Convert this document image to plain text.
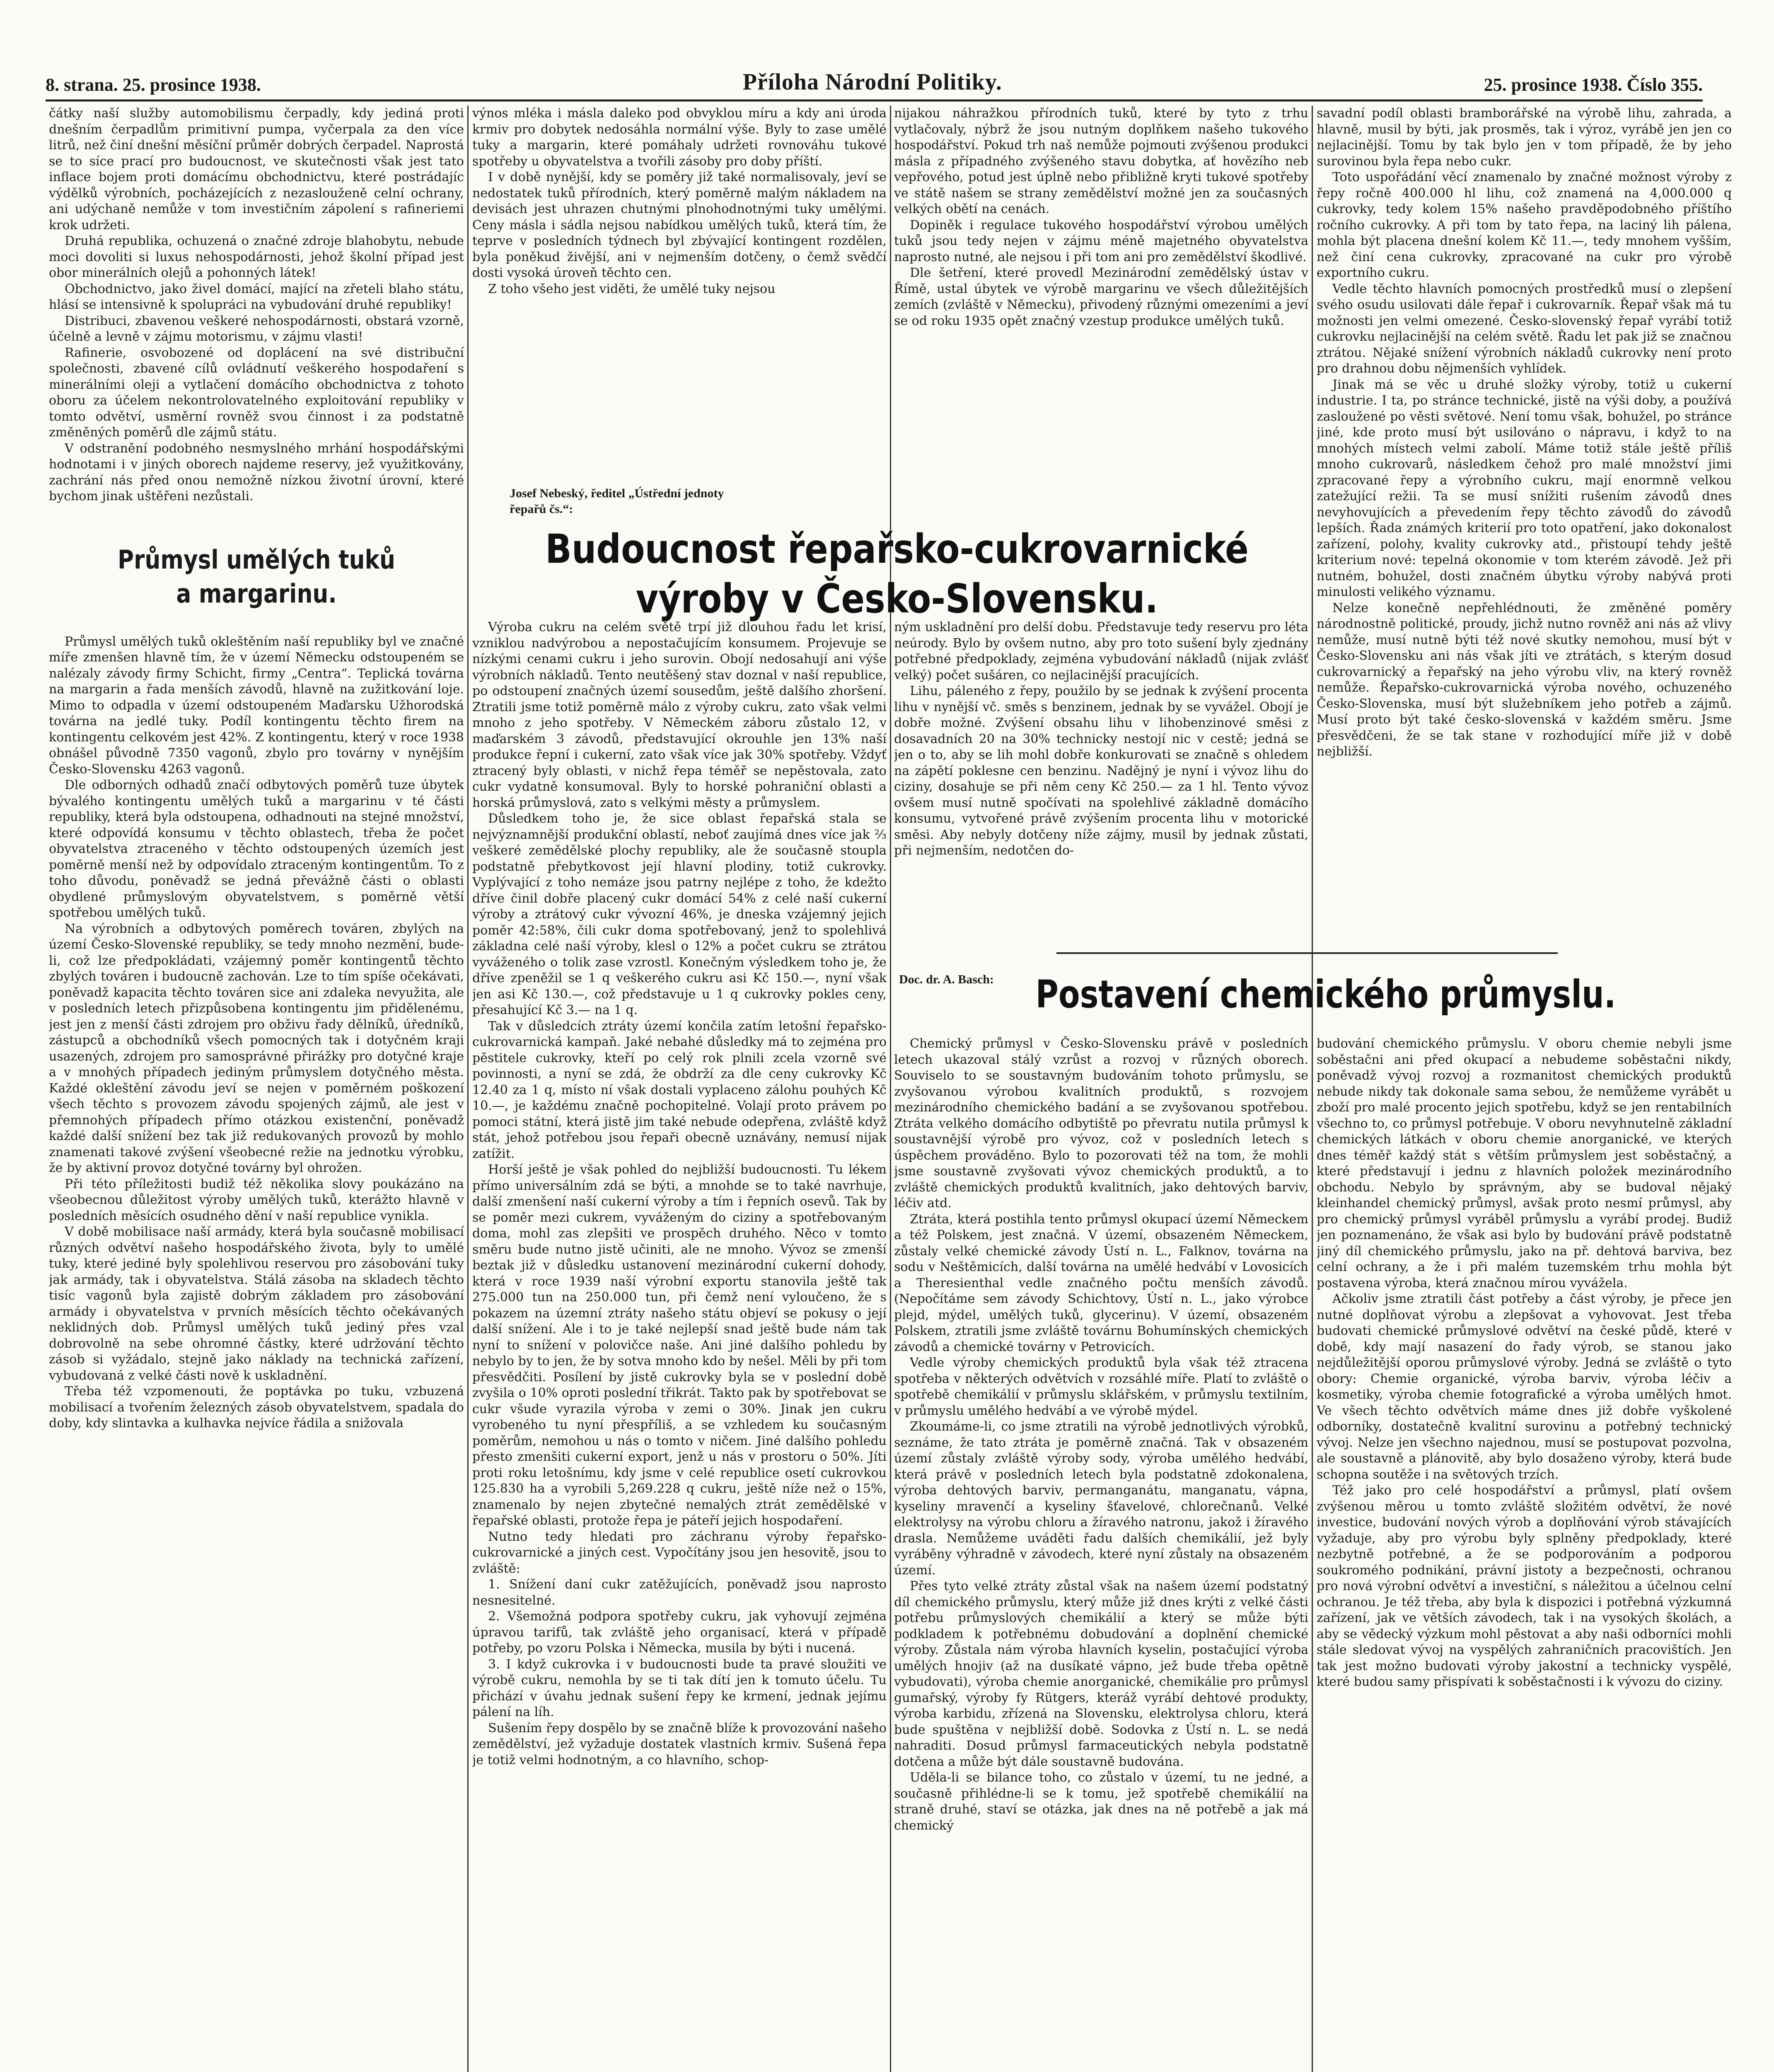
8. strana. 25. prosince 1938.	Příloha Národní Politiky.	25. prosince 1938. Číslo 355.

čátky naší služby automobilismu čerpadly, kdy jediná proti dnešním čerpadlům primitivní pumpa, vyčerpala za den více litrů, než činí dnešní měsíční průměr dobrých čerpadel. Naprostá se to síce prací pro budoucnost, ve skutečnosti však jest tato inflace bojem proti domácímu obchodnictvu, které postrádajíc výdělků výrobních, pocházejících z nezaslouženě celní ochrany, ani udýchaně nemůže v tom investičním zápolení s rafineriemi krok udržeti.

Druhá republika, ochuzená o značné zdroje blahobytu, nebude moci dovoliti si luxus nehospodárnosti, jehož školní případ jest obor minerálních olejů a pohonných látek!

Obchodnictvo, jako živel domácí, mající na zřeteli blaho státu, hlásí se intensivně k spolupráci na vybudování druhé republiky!

Distribuci, zbavenou veškeré nehospodárnosti, obstará vzorně, účelně a levně v zájmu motorismu, v zájmu vlasti!

Rafinerie, osvobozené od doplácení na své distribuční společnosti, zbavené cílů ovládnutí veškerého hospodaření s minerálními oleji a vytlačení domácího obchodnictva z tohoto oboru za účelem nekontrolovatelného exploitování republiky v tomto odvětví, usměrní rovněž svou činnost i za podstatně změněných poměrů dle zájmů státu.

V odstranění podobného nesmyslného mrhání hospodářskými hodnotami i v jiných oborech najdeme reservy, jež využitkovány, zachrání nás před onou nemožně nízkou životní úrovní, které bychom jinak uštěřeni nezůstali.

Průmysl umělých tuků
a margarinu.

Průmysl umělých tuků okleštěním naší republiky byl ve značné míře zmenšen hlavně tím, že v území Německu odstoupeném se nalézaly závody firmy Schicht, firmy „Centra“. Teplická továrna na margarin a řada menších závodů, hlavně na zužitkování loje. Mimo to odpadla v území odstoupeném Maďarsku Užhorodská továrna na jedlé tuky. Podíl kontingentu těchto firem na kontingentu celkovém jest 42%. Z kontingentu, který v roce 1938 obnášel původně 7350 vagonů, zbylo pro továrny v nynějším Česko-Slovensku 4263 vagonů.

Dle odborných odhadů značí odbytových poměrů tuze úbytek bývalého kontingentu umělých tuků a margarinu v té části republiky, která byla odstoupena, odhadnouti na stejné množství, které odpovídá konsumu v těchto oblastech, třeba že počet obyvatelstva ztraceného v těchto odstoupených územích jest poměrně menší než by odpovídalo ztraceným kontingentům. To z toho důvodu, poněvadž se jedná převážně části o oblasti obydlené průmyslovým obyvatelstvem, s poměrně větší spotřebou umělých tuků.

Na výrobních a odbytových poměrech továren, zbylých na území Česko-Slovenské republiky, se tedy mnoho nezmění, bude-li, což lze předpokládati, vzájemný poměr kontingentů těchto zbylých továren i budoucně zachován. Lze to tím spíše očekávati, poněvadž kapacita těchto továren sice ani zdaleka nevyužita, ale v posledních letech přizpůsobena kontingentu jim přidělenému, jest jen z menší části zdrojem pro obživu řady dělníků, úředníků, zástupců a obchodníků všech pomocných tak i dotyčném kraji usazených, zdrojem pro samosprávné přirážky pro dotyčné kraje a v mnohých případech jediným průmyslem dotyčného města. Každé okleštění závodu jeví se nejen v poměrném poškození všech těchto s provozem závodu spojených zájmů, ale jest v přemnohých případech přímo otázkou existenční, poněvadž každé další snížení bez tak již redukovaných provozů by mohlo znamenati takové zvýšení všeobecné režie na jednotku výrobku, že by aktivní provoz dotyčné továrny byl ohrožen.

Při této příležitosti budiž též několika slovy poukázáno na všeobecnou důležitost výroby umělých tuků, kterážto hlavně v posledních měsících osudného dění v naší republice vynikla.

V době mobilisace naší armády, která byla současně mobilisací různých odvětví našeho hospodářského života, byly to umělé tuky, které jediné byly spolehlivou reservou pro zásobování tuky jak armády, tak i obyvatelstva. Stálá zásoba na skladech těchto tisíc vagonů byla zajistě dobrým základem pro zásobování armády i obyvatelstva v prvních měsících těchto očekávaných neklidných dob. Průmysl umělých tuků jediný přes vzal dobrovolně na sebe ohromné částky, které udržování těchto zásob si vyžádalo, stejně jako náklady na technická zařízení, vybudovaná z velké části nově k uskladnění.

Třeba též vzpomenouti, že poptávka po tuku, vzbuzená mobilisací a tvořením železných zásob obyvatelstvem, spadala do doby, kdy slintavka a kulhavka nejvíce řádila a snižovala

výnos mléka i másla daleko pod obvyklou míru a kdy ani úroda krmiv pro dobytek nedosáhla normální výše. Byly to zase umělé tuky a margarin, které pomáhaly udržeti rovnováhu tukové spotřeby u obyvatelstva a tvořili zásoby pro doby příští.

I v době nynější, kdy se poměry již také normalisovaly, jeví se nedostatek tuků přírodních, který poměrně malým nákladem na devisách jest uhrazen chutnými plnohodnotnými tuky umělými. Ceny másla i sádla nejsou nabídkou umělých tuků, která tím, že teprve v posledních týdnech byl zbývající kontingent rozdělen, byla poněkud živější, ani v nejmenším dotčeny, o čemž svědčí dosti vysoká úroveň těchto cen.

Z toho všeho jest viděti, že umělé tuky nejsou

nijakou náhražkou přírodních tuků, které by tyto z trhu vytlačovaly, nýbrž že jsou nutným doplňkem našeho tukového hospodářství. Pokud trh naš nemůže pojmouti zvýšenou produkci másla z případného zvýšeného stavu dobytka, ať hovězího neb vepřového, potud jest úplně nebo přibližně kryti tukové spotřeby ve státě našem se strany zemědělství možné jen za současných velkých obětí na cenách.

Dopiněk i regulace tukového hospodářství výrobou umělých tuků jsou tedy nejen v zájmu méně majetného obyvatelstva naprosto nutné, ale nejsou i při tom ani pro zemědělství škodlivé.

Dle šetření, které provedl Mezinárodní zemědělský ústav v Římě, ustal úbytek ve výrobě margarinu ve všech důležitějších zemích (zvláště v Německu), přivodený různými omezeními a jeví se od roku 1935 opět značný vzestup produkce umělých tuků.

Josef Nebeský, ředitel „Ústřední jednoty
řepařů čs.“:
Budoucnost řepařsko-cukrovarnické
výroby v Česko-Slovensku.

Výroba cukru na celém světě trpí již dlouhou řadu let krisí, vzniklou nadvýrobou a nepostačujícím konsumem. Projevuje se nízkými cenami cukru i jeho surovin. Obojí nedosahují ani výše výrobních nákladů. Tento neutěšený stav doznal v naší republice, po odstoupení značných území sousedům, ještě dalšího zhoršení. Ztratili jsme totiž poměrně málo z výroby cukru, zato však velmi mnoho z jeho spotřeby. V Německém záboru zůstalo 12, v maďarském 3 závodů, představující okrouhle jen 13% naší produkce řepní i cukerní, zato však více jak 30% spotřeby. Vždyť ztracený byly oblasti, v nichž řepa téměř se nepěstovala, zato cukr vydatně konsumoval. Byly to horské pohraniční oblasti a horská průmyslová, zato s velkými městy a průmyslem.

Důsledkem toho je, že sice oblast řepařská stala se nejvýznamnější produkční oblastí, neboť zaujímá dnes více jak ⅔ veškeré zemědělské plochy republiky, ale že současně stoupla podstatně přebytkovost její hlavní plodiny, totiž cukrovky. Vyplývající z toho nemáze jsou patrny nejlépe z toho, že kdežto dříve činil dobře placený cukr domácí 54% z celé naší cukerní výroby a ztrátový cukr vývozní 46%, je dneska vzájemný jejich poměr 42:58%, čili cukr doma spotřebovaný, jenž to spolehlivá základna celé naší výroby, klesl o 12% a počet cukru se ztrátou vyváženého o tolik zase vzrostl. Konečným výsledkem toho je, že dříve zpeněžil se 1 q veškerého cukru asi Kč 150.—, nyní však jen asi Kč 130.—, což představuje u 1 q cukrovky pokles ceny, přesahující Kč 3.— na 1 q.

Tak v důsledcích ztráty území končila zatím letošní řepařsko-cukrovarnická kampaň. Jaké nebahé důsledky má to zejména pro pěstitele cukrovky, kteří po celý rok plnili zcela vzorně své povinnosti, a nyní se zdá, že obdrží za dle ceny cukrovky Kč 12.40 za 1 q, místo ní však dostali vyplaceno zálohu pouhých Kč 10.—, je každému značně pochopitelné. Volají proto právem po pomoci státní, která jistě jim také nebude odepřena, zvláště když stát, jehož potřebou jsou řepaři obecně uznávány, nemusí nijak zatížit.

Horší ještě je však pohled do nejbližší budoucnosti. Tu lékem přímo universálním zdá se býti, a mnohde se to také navrhuje, další zmenšení naší cukerní výroby a tím i řepních osevů. Tak by se poměr mezi cukrem, vyváženým do ciziny a spotřebovaným doma, mohl zas zlepšiti ve prospěch druhého. Něco v tomto směru bude nutno jistě učiniti, ale ne mnoho. Vývoz se zmenší beztak již v důsledku ustanovení mezinárodní cukerní dohody, která v roce 1939 naší výrobní exportu stanovila ještě tak 275.000 tun na 250.000 tun, při čemž není vyloučeno, že s pokazem na územní ztráty našeho státu objeví se pokusy o její další snížení. Ale i to je také nejlepší snad ještě bude nám tak nyní to snížení v polovičce naše. Ani jiné dalšího pohledu by nebylo by to jen, že by sotva mnoho kdo by nešel. Měli by při tom přesvědčiti. Posílení by jistě cukrovky byla se v poslední době zvyšila o 10% oproti poslední třikrát. Takto pak by spotřebovat se cukr všude vyrazila výroba v zemi o 30%. Jinak jen cukru vyrobeného tu nyní přespříliš, a se vzhledem ku současným poměrům, nemohou u nás o tomto v ničem. Jiné dalšího pohledu přesto zmenšiti cukerní export, jenž u nás v prostoru o 50%. Jíti proti roku letošnímu, kdy jsme v celé republice osetí cukrovkou 125.830 ha a vyrobili 5,269.228 q cukru, ještě níže než o 15%, znamenalo by nejen zbytečné nemalých ztrát zemědělské v řepařské oblasti, protože řepa je páteří jejich hospodaření.

Nutno tedy hledati pro záchranu výroby řepařsko-cukrovarnické a jiných cest. Vypočítány jsou jen hesovitě, jsou to zvláště:

1. Snížení daní cukr zatěžujících, poněvadž jsou naprosto nesnesitelné.

2. Všemožná podpora spotřeby cukru, jak vyhovují zejména úpravou tarifů, tak zvláště jeho organisací, která v případě potřeby, po vzoru Polska i Německa, musila by býti i nucená.

3. I když cukrovka i v budoucnosti bude ta pravé sloužiti ve výrobě cukru, nemohla by se ti tak dítí jen k tomuto účelu. Tu přichází v úvahu jednak sušení řepy ke krmení, jednak jejímu pálení na líh.

Sušením řepy dospělo by se značně blíže k provozování našeho zemědělství, jež vyžaduje dostatek vlastních krmiv. Sušená řepa je totiž velmi hodnotným, a co hlavního, schop-

ným uskladnění pro delší dobu. Představuje tedy reservu pro léta neúrody. Bylo by ovšem nutno, aby pro toto sušení byly zjednány potřebné předpoklady, zejména vybudování nákladů (nijak zvlášť velký) počet sušáren, co nejlacinější pracujících.

Lihu, páleného z řepy, použilo by se jednak k zvýšení procenta lihu v nynější vč. směs s benzinem, jednak by se vyvážel. Obojí je dobře možné. Zvýšení obsahu lihu v lihobenzinové směsi z dosavadních 20 na 30% technicky nestojí nic v cestě; jedná se jen o to, aby se lih mohl dobře konkurovati se značně s ohledem na zápětí poklesne cen benzinu. Nadějný je nyní i vývoz lihu do ciziny, dosahuje se při něm ceny Kč 250.— za 1 hl. Tento vývoz ovšem musí nutně spočívati na spolehlivé základně domácího konsumu, vytvořené právě zvýšením procenta lihu v motorické směsi. Aby nebyly dotčeny níže zájmy, musil by jednak zůstati, při nejmenším, nedotčen do-

savadní podíl oblasti bramborářské na výrobě lihu, zahrada, a hlavně, musil by býti, jak prosměs, tak i výroz, vyrábě jen jen co nejlacinější. Tomu by tak bylo jen v tom případě, že by jeho surovinou byla řepa nebo cukr.

Toto uspořádání věcí znamenalo by značné možnost výroby z řepy ročně 400.000 hl lihu, což znamená na 4,000.000 q cukrovky, tedy kolem 15% našeho pravděpodobného příštího ročního cukrovky. A při tom by tato řepa, na laciný lih pálena, mohla být placena dnešní kolem Kč 11.—, tedy mnohem vyšším, než činí cena cukrovky, zpracované na cukr pro výrobě exportního cukru.

Vedle těchto hlavních pomocných prostředků musí o zlepšení svého osudu usilovati dále řepař i cukrovarník. Řepař však má tu možnosti jen velmi omezené. Česko-slovenský řepař vyrábí totiž cukrovku nejlacinější na celém světě. Řadu let pak již se značnou ztrátou. Nějaké snížení výrobních nákladů cukrovky není proto pro drahnou dobu nějmenších vyhlídek.

Jinak má se věc u druhé složky výroby, totiž u cukerní industrie. I ta, po stránce technické, jistě na výši doby, a používá zasloužené po věsti světové. Není tomu však, bohužel, po stránce jiné, kde proto musí být usilováno o nápravu, i když to na mnohých místech velmi zabolí. Máme totiž stále ještě příliš mnoho cukrovarů, následkem čehož pro malé množství jimi zpracované řepy a výrobního cukru, mají enormně velkou zatežující režii. Ta se musí snížiti rušením závodů dnes nevyhovujících a převedením řepy těchto závodů do závodů lepších. Řada známých kriterií pro toto opatření, jako dokonalost zařízení, polohy, kvality cukrovky atd., přistoupí tehdy ještě kriterium nové: tepelná okonomie v tom kterém závodě. Jež při nutném, bohužel, dosti značném úbytku výroby nabývá proti minulosti velikého významu.

Nelze konečně nepřehlédnouti, že změněné poměry národnostně politické, proudy, jichž nutno rovněž ani nás až vlivy nemůže, musí nutně býti též nové skutky nemohou, musí být v Česko-Slovensku ani nás však jíti ve ztrátách, s kterým dosud cukrovarnický a řepařský na jeho výrobu vliv, na který rovněž nemůže. Řepařsko-cukrovarnická výroba nového, ochuzeného Česko-Slovenska, musí být služebníkem jeho potřeb a zájmů. Musí proto být také česko-slovenská v každém směru. Jsme přesvědčeni, že se tak stane v rozhodující míře již v době nejbližší.

Doc. dr. A. Basch:	Postavení chemického průmyslu.

Chemický průmysl v Česko-Slovensku právě v posledních letech ukazoval stálý vzrůst a rozvoj v různých oborech. Souviselo to se soustavným budováním tohoto průmyslu, se zvyšovanou výrobou kvalitních produktů, s rozvojem mezinárodního chemického badání a se zvyšovanou spotřebou. Ztráta velkého domácího odbytiště po převratu nutila průmysl k soustavnější výrobě pro vývoz, což v posledních letech s úspěchem prováděno. Bylo to pozorovati též na tom, že mohli jsme soustavně zvyšovati vývoz chemických produktů, a to zvláště chemických produktů kvalitních, jako dehtových barviv, léčiv atd.

Ztráta, která postihla tento průmysl okupací území Německem a též Polskem, jest značná. V území, obsazeném Německem, zůstaly velké chemické závody Ústí n. L., Falknov, továrna na sodu v Neštěmicích, další továrna na umělé hedvábí v Lovosicích a Theresienthal vedle značného počtu menších závodů. (Nepočítáme sem závody Schichtovy, Ústí n. L., jako výrobce plejd, mýdel, umělých tuků, glycerinu). V území, obsazeném Polskem, ztratili jsme zvláště továrnu Bohumínských chemických závodů a chemické továrny v Petrovicích.

Vedle výroby chemických produktů byla však též ztracena spotřeba v některých odvětvích v rozsáhlé míře. Platí to zvláště o spotřebě chemikálií v průmyslu sklářském, v průmyslu textilním, v průmyslu umělého hedvábí a ve výrobě mýdel.

Zkoumáme-li, co jsme ztratili na výrobě jednotlivých výrobků, seznáme, že tato ztráta je poměrně značná. Tak v obsazeném území zůstaly zvláště výroby sody, výroba umělého hedvábí, která právě v posledních letech byla podstatně zdokonalena, výroba dehtových barviv, permanganátu, manganatu, vápna, kyseliny mravenčí a kyseliny šťavelové, chlorečnanů. Velké elektrolysy na výrobu chloru a žíravého natronu, jakož i žíravého drasla. Nemůžeme uváděti řadu dalších chemikálií, jež byly vyráběny výhradně v závodech, které nyní zůstaly na obsazeném území.

Přes tyto velké ztráty zůstal však na našem území podstatný díl chemického průmyslu, který může již dnes krýti z velké části potřebu průmyslových chemikálií a který se může býti podkladem k potřebnému dobudování a doplnění chemické výroby. Zůstala nám výroba hlavních kyselin, postačující výroba umělých hnojiv (až na dusíkaté vápno, jež bude třeba opětně vybudovati), výroba chemie anorganické, chemikálie pro průmysl gumařský, výroby fy Rütgers, kteráž vyrábí dehtové produkty, výroba karbidu, zřízená na Slovensku, elektrolysa chloru, která bude spuštěna v nejbližší době. Sodovka z Ústí n. L. se nedá nahraditi. Dosud průmysl farmaceutických nebyla podstatně dotčena a může být dále soustavně budována.

Uděla-li se bilance toho, co zůstalo v území, tu ne jedné, a současně přihlédne-li se k tomu, jež spotřebě chemikálií na straně druhé, staví se otázka, jak dnes na ně potřebě a jak má chemický

budování chemického průmyslu. V oboru chemie nebyli jsme soběstačni ani před okupací a nebudeme soběstačni nikdy, poněvadž vývoj rozvoj a rozmanitost chemických produktů nebude nikdy tak dokonale sama sebou, že nemůžeme vyrábět u zboží pro malé procento jejich spotřebu, když se jen rentabilních všechno to, co průmysl potřebuje. V oboru nevyhnutelně základní chemických látkách v oboru chemie anorganické, ve kterých dnes téměř každý stát s větším průmyslem jest soběstačný, a které představují i jednu z hlavních položek mezinárodního obchodu. Nebylo by správným, aby se budoval nějaký kleinhandel chemický průmysl, avšak proto nesmí průmysl, aby pro chemický průmysl vyráběl průmyslu a vyrábí prodej. Budiž jen poznamenáno, že však asi bylo by budování právě podstatně jiný díl chemického průmyslu, jako na př. dehtová barviva, bez celní ochrany, a že i při malém tuzemském trhu mohla být postavena výroba, která značnou mírou vyvážela.

Ačkoliv jsme ztratili část potřeby a část výroby, je přece jen nutné doplňovat výrobu a zlepšovat a vyhovovat. Jest třeba budovati chemické průmyslové odvětví na české půdě, které v době, kdy mají nasazení do řady výrob, se stanou jako nejdůležitější oporou průmyslové výroby. Jedná se zvláště o tyto obory: Chemie organické, výroba barviv, výroba léčiv a kosmetiky, výroba chemie fotografické a výroba umělých hmot. Ve všech těchto odvětvích máme dnes již dobře vyškolené odborníky, dostatečně kvalitní surovinu a potřebný technický vývoj. Nelze jen všechno najednou, musí se postupovat pozvolna, ale soustavně a plánovitě, aby bylo dosaženo výroby, která bude schopna soutěže i na světových trzích.

Též jako pro celé hospodářství a průmysl, platí ovšem zvýšenou měrou u tomto zvláště složitém odvětví, že nové investice, budování nových výrob a doplňování výrob stávajících vyžaduje, aby pro výrobu byly splněny předpoklady, které nezbytně potřebné, a že se podporováním a podporou soukromého podnikání, právní jistoty a bezpečnosti, ochranou pro nová výrobní odvětví a investiční, s náležitou a účelnou celní ochranou. Je též třeba, aby byla k dispozici i potřebná výzkumná zařízení, jak ve větších závodech, tak i na vysokých školách, a aby se vědecký výzkum mohl pěstovat a aby naši odborníci mohli stále sledovat vývoj na vyspělých zahraničních pracovištích. Jen tak jest možno budovati výroby jakostní a technicky vyspělé, které budou samy přispívati k soběstačnosti i k vývozu do ciziny.
